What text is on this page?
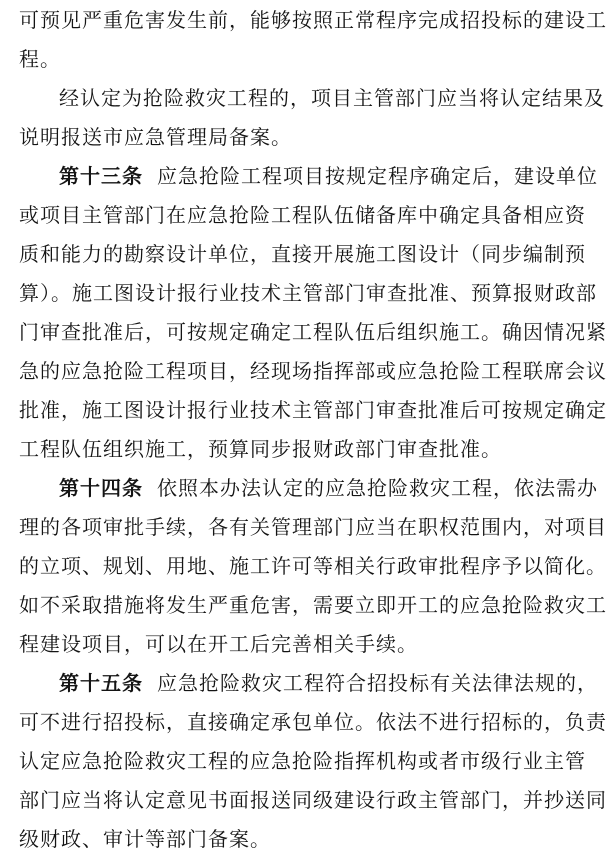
可预见严重危害发生前，能够按照正常程序完成招投标的建设工
程。
经认定为抢险救灾工程的，项目主管部门应当将认定结果及
说明报送市应急管理局备案。
第十三条 应急抢险工程项目按规定程序确定后，建设单位
或项目主管部门在应急抢险工程队伍储备库中确定具备相应资
质和能力的勘察设计单位，直接开展施工图设计（同步编制预
算）。施工图设计报行业技术主管部门审查批准、预算报财政部
门审查批准后，可按规定确定工程队伍后组织施工。确因情况紧
急的应急抢险工程项目，经现场指挥部或应急抢险工程联席会议
批准，施工图设计报行业技术主管部门审查批准后可按规定确定
工程队伍组织施工，预算同步报财政部门审查批准。
第十四条 依照本办法认定的应急抢险救灾工程，依法需办
理的各项审批手续，各有关管理部门应当在职权范围内，对项目
的立项、规划、用地、施工许可等相关行政审批程序予以简化。
如不采取措施将发生严重危害，需要立即开工的应急抢险救灾工
程建设项目，可以在开工后完善相关手续。
第十五条 应急抢险救灾工程符合招投标有关法律法规的，
可不进行招投标，直接确定承包单位。依法不进行招标的，负责
认定应急抢险救灾工程的应急抢险指挥机构或者市级行业主管
部门应当将认定意见书面报送同级建设行政主管部门，并抄送同
级财政、审计等部门备案。
